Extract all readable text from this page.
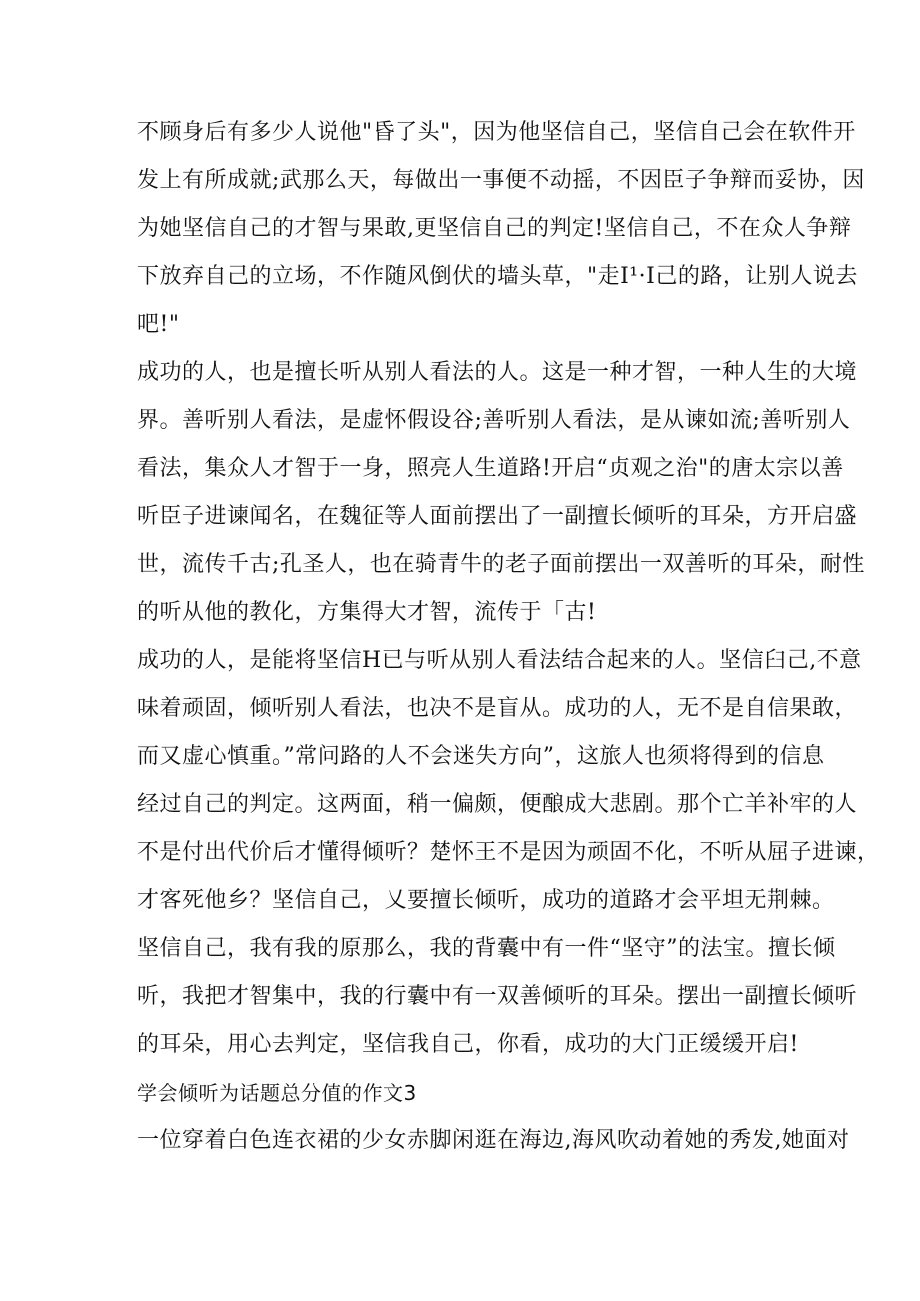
不顾身后有多少人说他"昏了头"，因为他坚信自己，坚信自己会在软件开
发上有所成就;武那么天，每做出一事便不动摇，不因臣子争辩而妥协，因
为她坚信自己的才智与果敢,更坚信自己的判定!坚信自己，不在众人争辩
下放弃自己的立场，不作随风倒伏的墙头草，"走I¹·I己的路，让别人说去
吧!"
成功的人，也是擅长听从别人看法的人。这是一种才智，一种人生的大境
界。善听别人看法，是虚怀假设谷;善听别人看法，是从谏如流;善听别人
看法，集众人才智于一身，照亮人生道路!开启“贞观之治"的唐太宗以善
听臣子进谏闻名，在魏征等人面前摆出了一副擅长倾听的耳朵，方开启盛
世，流传千古;孔圣人，也在骑青牛的老子面前摆出一双善听的耳朵，耐性
的听从他的教化，方集得大才智，流传于「古!
成功的人，是能将坚信H已与听从别人看法结合起来的人。坚信臼己,不意
味着顽固，倾听别人看法，也决不是盲从。成功的人，无不是自信果敢，
而又虚心慎重。”常问路的人不会迷失方向”，这旅人也须将得到的信息
经过自己的判定。这两面，稍一偏颇，便酿成大悲剧。那个亡羊补牢的人
不是付出代价后才懂得倾听？楚怀王不是因为顽固不化，不听从屈子进谏，
才客死他乡？坚信自己，乂要擅长倾听，成功的道路才会平坦无荆棘。
坚信自己，我有我的原那么，我的背囊中有一件“坚守”的法宝。擅长倾
听，我把才智集中，我的行囊中有一双善倾听的耳朵。摆出一副擅长倾听
的耳朵，用心去判定，坚信我自己，你看，成功的大门正缓缓开启!
学会倾听为话题总分值的作文3
一位穿着白色连衣裙的少女赤脚闲逛在海边,海风吹动着她的秀发,她面对
